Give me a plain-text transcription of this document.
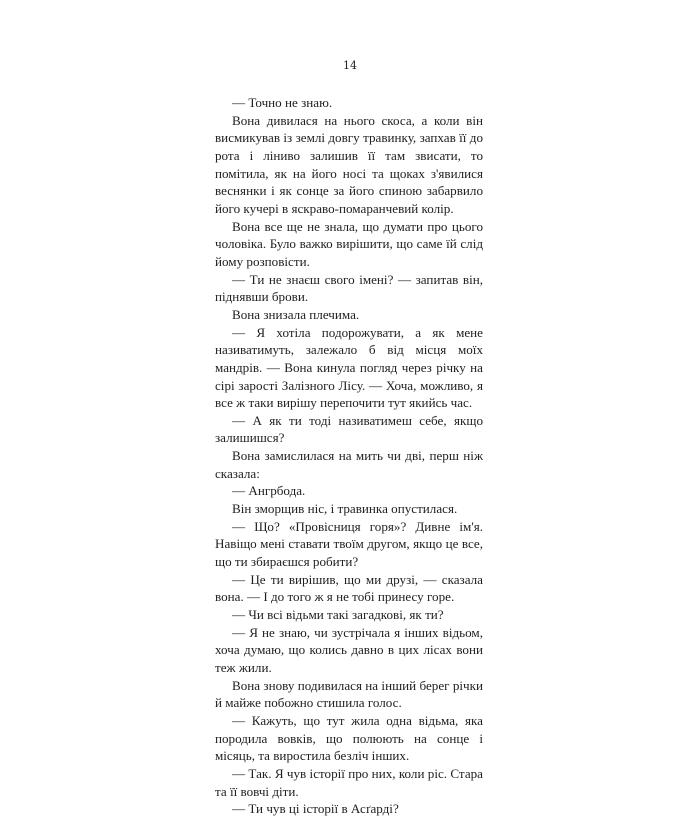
14

— Точно не знаю.

Вона дивилася на нього скоса, а коли він висмикував із землі довгу травинку, запхав її до рота і ліниво залишив її там звисати, то помітила, як на його носі та щоках з'явилися веснянки і як сонце за його спиною забарвило його кучері в яскраво-помаранчевий колір.

Вона все ще не знала, що думати про цього чоловіка. Було важко вирішити, що саме їй слід йому розповісти.

— Ти не знаєш свого імені? — запитав він, піднявши брови.

Вона знизала плечима.

— Я хотіла подорожувати, а як мене називатимуть, залежало б від місця моїх мандрів. — Вона кинула погляд через річку на сірі зарості Залізного Лісу. — Хоча, можливо, я все ж таки вирішу перепочити тут якийсь час.

— А як ти тоді називатимеш себе, якщо залишишся?

Вона замислилася на мить чи дві, перш ніж сказала:

— Ангрбода.

Він зморщив ніс, і травинка опустилася.

— Що? «Провісниця горя»? Дивне ім'я. Навіщо мені ставати твоїм другом, якщо це все, що ти збираєшся робити?

— Це ти вирішив, що ми друзі, — сказала вона. — І до того ж я не тобі принесу горе.

— Чи всі відьми такі загадкові, як ти?

— Я не знаю, чи зустрічала я інших відьом, хоча думаю, що колись давно в цих лісах вони теж жили.

Вона знову подивилася на інший берег річки й майже побожно стишила голос.

— Кажуть, що тут жила одна відьма, яка породила вовків, що полюють на сонце і місяць, та виростила безліч інших.

— Так. Я чув історії про них, коли ріс. Стара та її вовчі діти.

— Ти чув ці історії в Асґарді?
